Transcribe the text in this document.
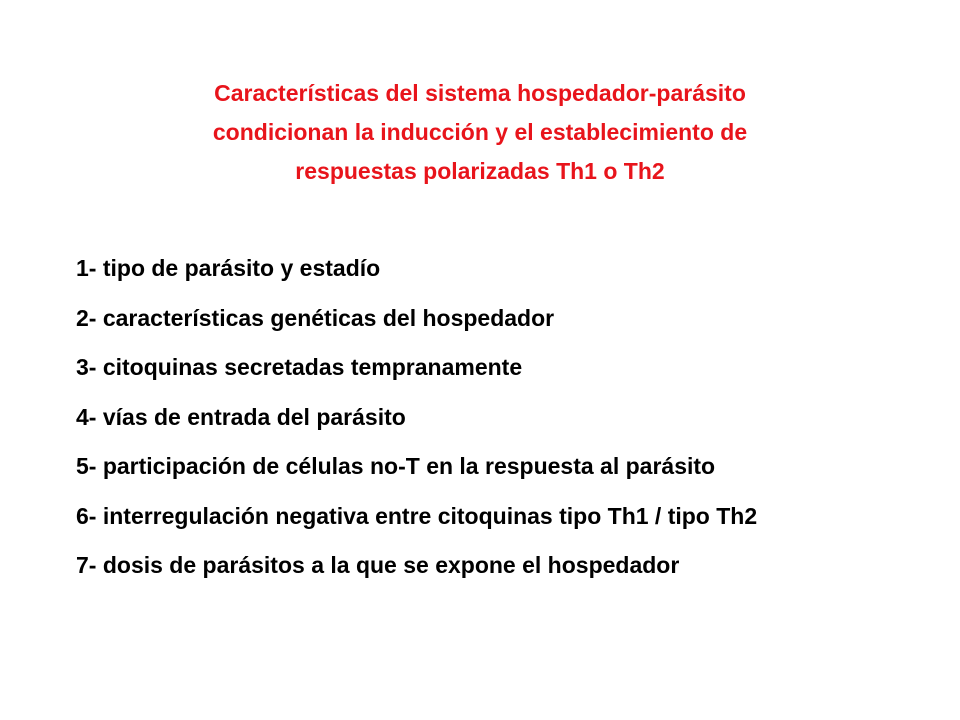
Características del sistema hospedador-parásito
condicionan la inducción y el establecimiento de
respuestas polarizadas Th1 o Th2
1- tipo de parásito y estadío
2- características genéticas del hospedador
3- citoquinas secretadas tempranamente
4- vías de entrada del parásito
5- participación de células no-T en la respuesta al parásito
6- interregulación negativa entre citoquinas tipo Th1 / tipo Th2
7- dosis de parásitos a la que se expone el hospedador
